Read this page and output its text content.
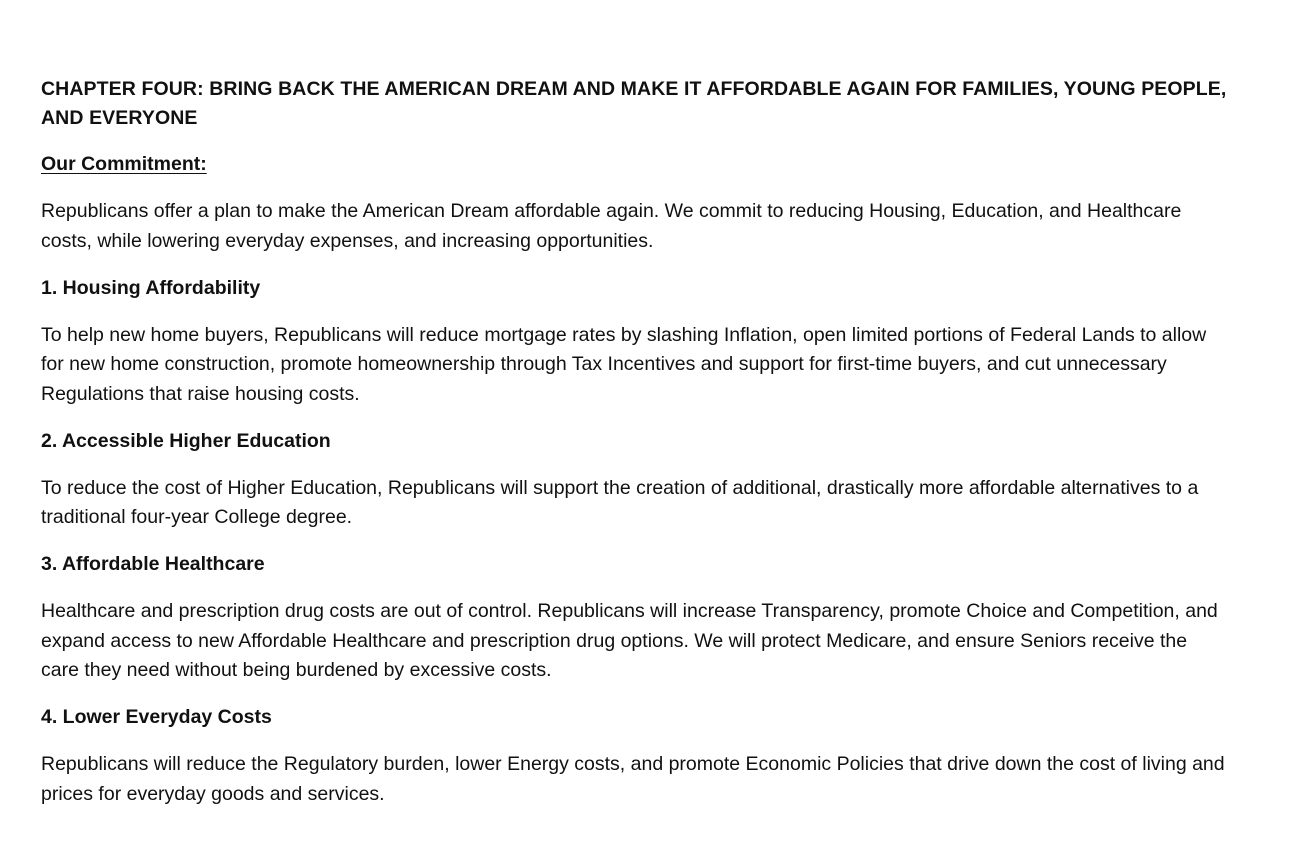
CHAPTER FOUR: BRING BACK THE AMERICAN DREAM AND MAKE IT AFFORDABLE AGAIN FOR FAMILIES, YOUNG PEOPLE, AND EVERYONE
Our Commitment:
Republicans offer a plan to make the American Dream affordable again. We commit to reducing Housing, Education, and Healthcare costs, while lowering everyday expenses, and increasing opportunities.
1. Housing Affordability
To help new home buyers, Republicans will reduce mortgage rates by slashing Inflation, open limited portions of Federal Lands to allow for new home construction, promote homeownership through Tax Incentives and support for first-time buyers, and cut unnecessary Regulations that raise housing costs.
2. Accessible Higher Education
To reduce the cost of Higher Education, Republicans will support the creation of additional, drastically more affordable alternatives to a traditional four-year College degree.
3. Affordable Healthcare
Healthcare and prescription drug costs are out of control. Republicans will increase Transparency, promote Choice and Competition, and expand access to new Affordable Healthcare and prescription drug options. We will protect Medicare, and ensure Seniors receive the care they need without being burdened by excessive costs.
4. Lower Everyday Costs
Republicans will reduce the Regulatory burden, lower Energy costs, and promote Economic Policies that drive down the cost of living and prices for everyday goods and services.
